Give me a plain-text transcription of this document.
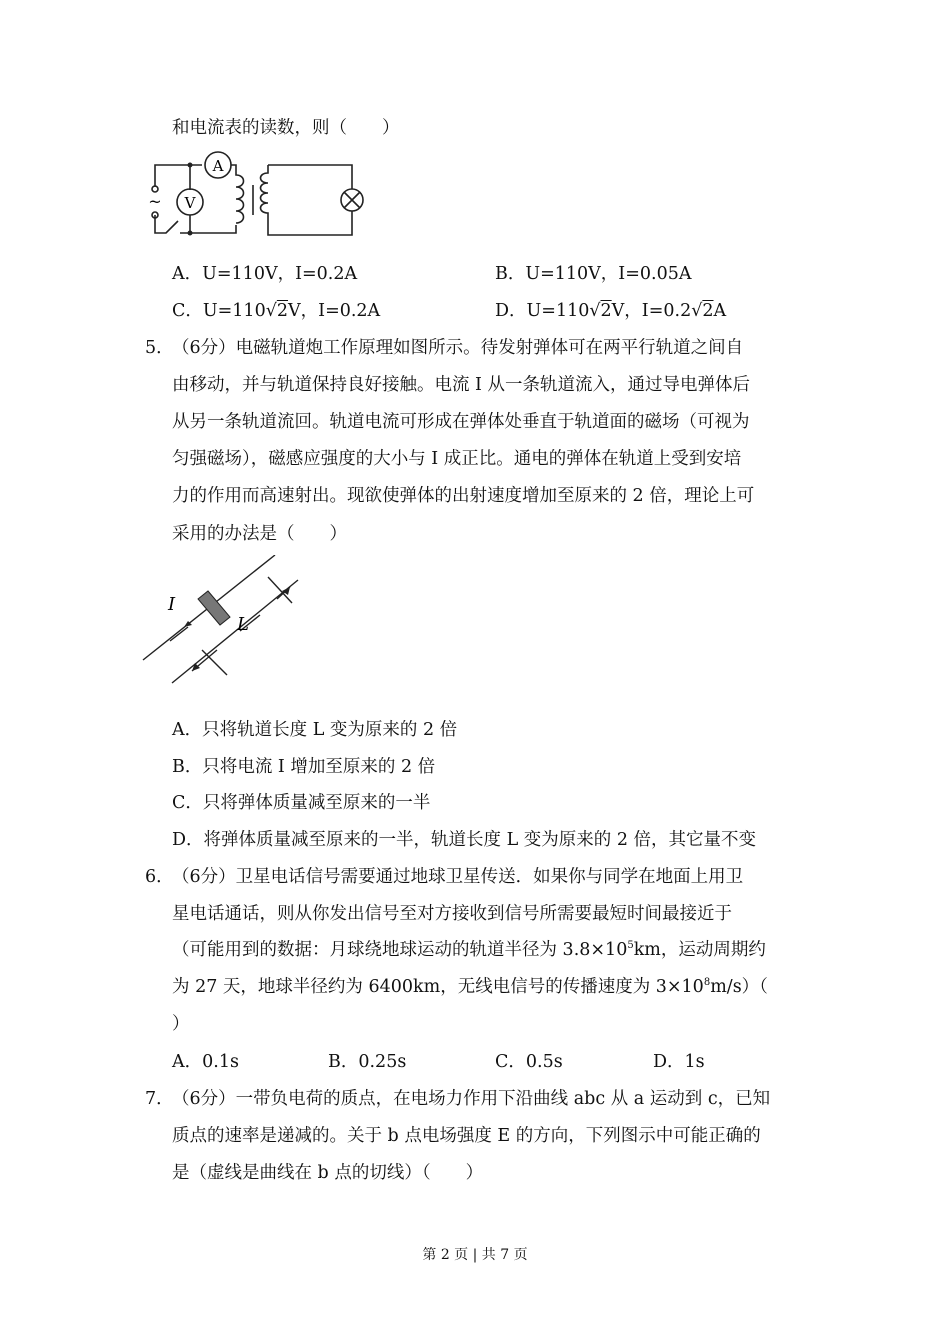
和电流表的读数，则（　　）
~ V
A
A．U=110V，I=0.2A	B．U=110V，I=0.05A
C．U=110√2V，I=0.2A	D．U=110√2V，I=0.2√2A
5．
（6分）电磁轨道炮工作原理如图所示。待发射弹体可在两平行轨道之间自
由移动，并与轨道保持良好接触。电流 I 从一条轨道流入，通过导电弹体后
从另一条轨道流回。轨道电流可形成在弹体处垂直于轨道面的磁场（可视为
匀强磁场），磁感应强度的大小与 I 成正比。通电的弹体在轨道上受到安培
力的作用而高速射出。现欲使弹体的出射速度增加至原来的 2 倍，理论上可
采用的办法是（　　）
I
L
A．只将轨道长度 L 变为原来的 2 倍
B．只将电流 I 增加至原来的 2 倍
C．只将弹体质量减至原来的一半
D．将弹体质量减至原来的一半，轨道长度 L 变为原来的 2 倍，其它量不变
6．
（6分）卫星电话信号需要通过地球卫星传送．如果你与同学在地面上用卫
星电话通话，则从你发出信号至对方接收到信号所需要最短时间最接近于
（可能用到的数据：月球绕地球运动的轨道半径为 $3.8\times 10^5km$，运动周期约
为 27 天，地球半径约为 6400km，无线电信号的传播速度为 $3\times 10^8m/s$）（
）
A．0.1s	B．0.25s	C．0.5s	D．1s
7．
（6分）一带负电荷的质点，在电场力作用下沿曲线 abc 从 a 运动到 c，已知
质点的速率是递减的。关于 b 点电场强度 E 的方向，下列图示中可能正确的
是（虚线是曲线在 b 点的切线）（　　）
第 2 页 | 共 7 页
